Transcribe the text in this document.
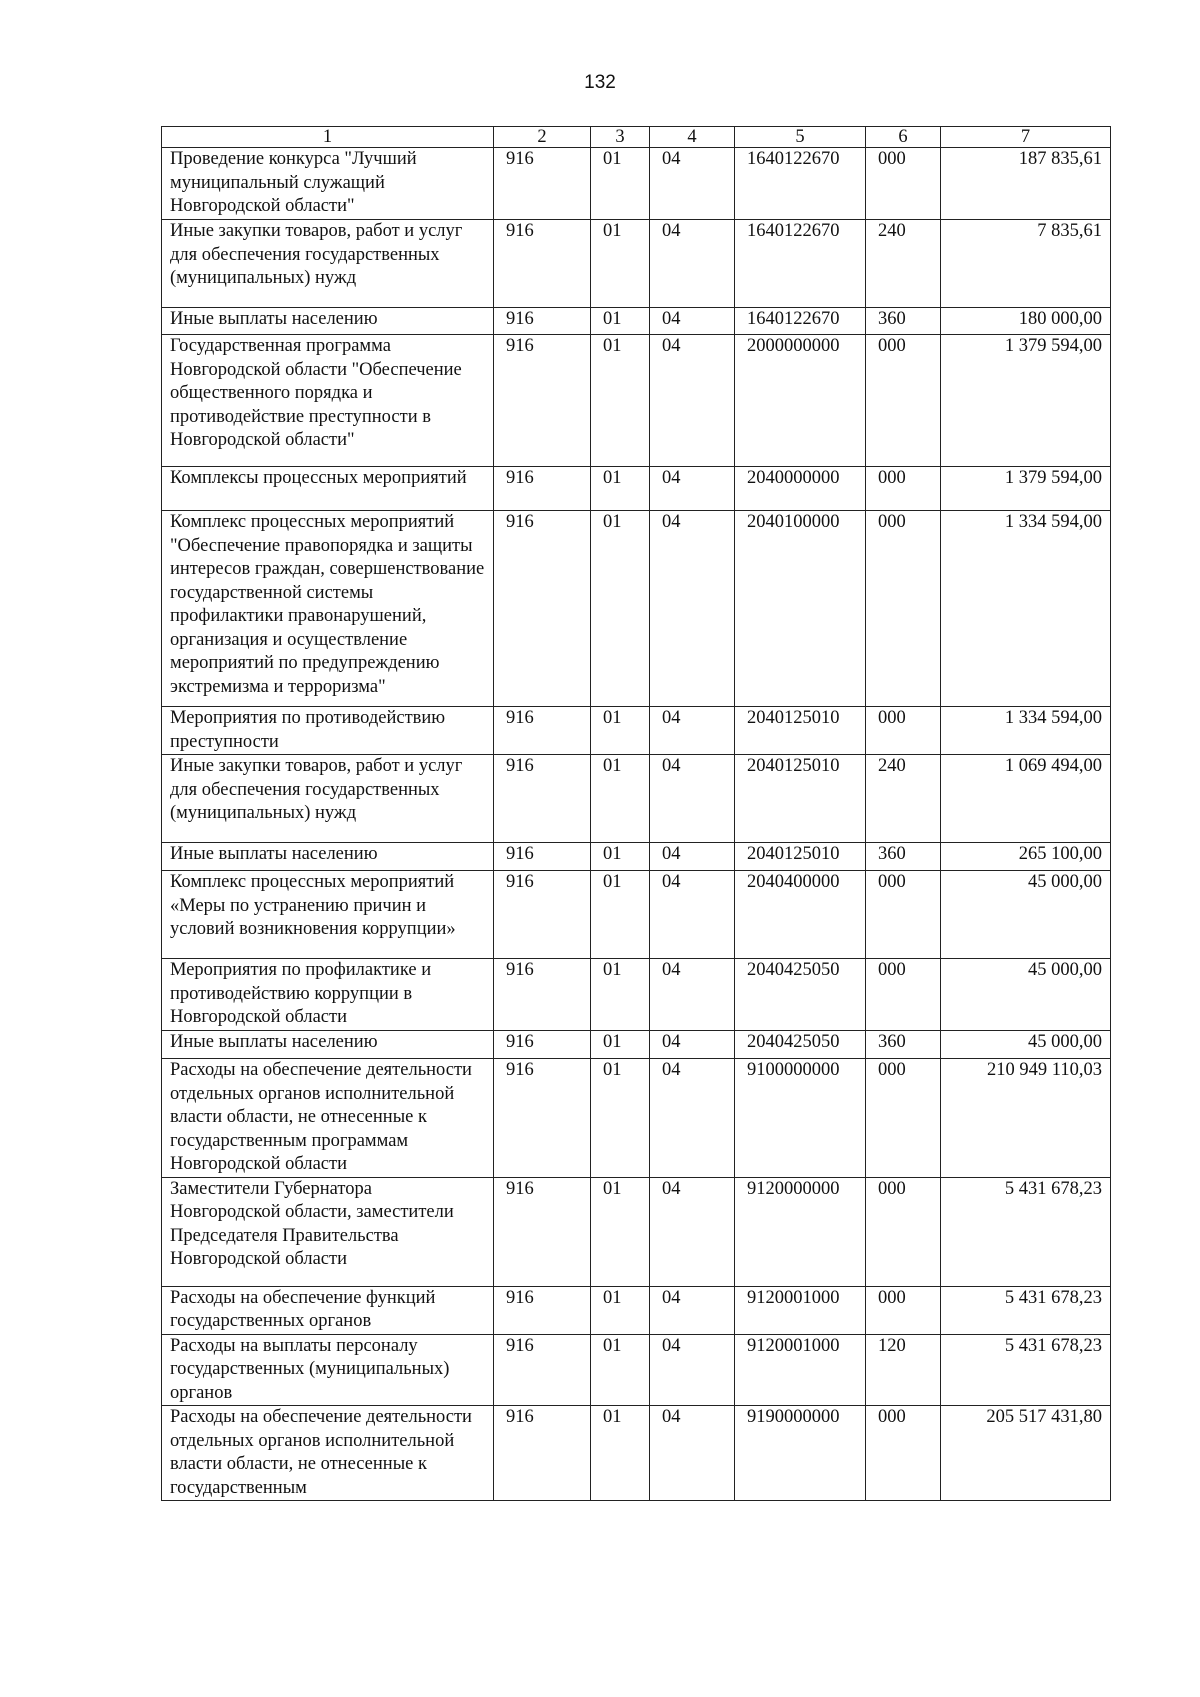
132
1	2	3	4	5	6	7
Проведение конкурса "Лучший муниципальный служащий Новгородской области"	916	01	04	1640122670	000	187 835,61
Иные закупки товаров, работ и услуг для обеспечения государственных (муниципальных) нужд	916	01	04	1640122670	240	7 835,61
Иные выплаты населению	916	01	04	1640122670	360	180 000,00
Государственная программа Новгородской области "Обеспечение общественного порядка и противодействие преступности в Новгородской области"	916	01	04	2000000000	000	1 379 594,00
Комплексы процессных мероприятий	916	01	04	2040000000	000	1 379 594,00
Комплекс процессных мероприятий "Обеспечение правопорядка и защиты интересов граждан, совершенствование государственной системы профилактики правонарушений, организация и осуществление мероприятий по предупреждению экстремизма и терроризма"	916	01	04	2040100000	000	1 334 594,00
Мероприятия по противодействию преступности	916	01	04	2040125010	000	1 334 594,00
Иные закупки товаров, работ и услуг для обеспечения государственных (муниципальных) нужд	916	01	04	2040125010	240	1 069 494,00
Иные выплаты населению	916	01	04	2040125010	360	265 100,00
Комплекс процессных мероприятий «Меры по устранению причин и условий возникновения коррупции»	916	01	04	2040400000	000	45 000,00
Мероприятия по профилактике и противодействию коррупции в Новгородской области	916	01	04	2040425050	000	45 000,00
Иные выплаты населению	916	01	04	2040425050	360	45 000,00
Расходы на обеспечение деятельности отдельных органов исполнительной власти области, не отнесенные к государственным программам Новгородской области	916	01	04	9100000000	000	210 949 110,03
Заместители Губернатора Новгородской области, заместители Председателя Правительства Новгородской области	916	01	04	9120000000	000	5 431 678,23
Расходы на обеспечение функций государственных органов	916	01	04	9120001000	000	5 431 678,23
Расходы на выплаты персоналу государственных (муниципальных) органов	916	01	04	9120001000	120	5 431 678,23
Расходы на обеспечение деятельности отдельных органов исполнительной власти области, не отнесенные к государственным	916	01	04	9190000000	000	205 517 431,80
